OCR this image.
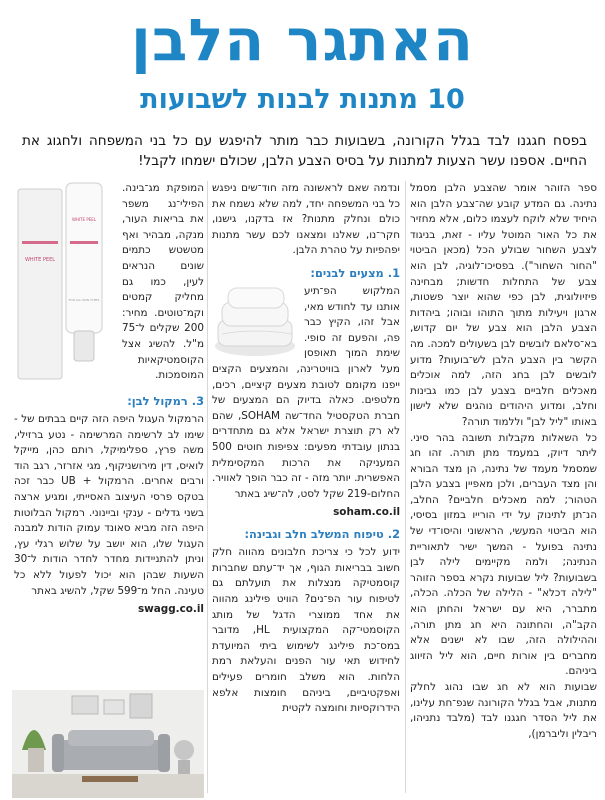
האתגר הלבן
10 מתנות לבנות לשבועות
בפסח חגגנו לבד בגלל הקורונה, בשבועות כבר מותר להיפגש עם כל בני המשפחה ולחגוג את החיים. אספנו עשר הצעות למתנות על בסיס הצבע הלבן, שכולם ישמחו לקבל!

ספר הזוהר אומר שהצבע הלבן מסמל נתינה. גם המדע קובע שה־צבע הלבן הוא היחיד שלא לוקח לעצמו כלום, אלא מחזיר את כל האור המוטל עליו - זאת, בניגוד לצבע השחור שבולע הכל (מכאן הביטוי "החור השחור"). בפסיכו־לוגיה, לבן הוא צבע של התחלות חדשות; מבחינה פיזיולוגית, לבן כפי שהוא יוצר פשטות, ארגון ויעילות מתוך התוהו ובוהו; ביהדות הצבע הלבן הוא צבע של יום קדוש, בא־סלאם לובשים לבן בשעולים למכה. מה הקשר בין הצבע הלבן לש־בועות? מדוע לובשים לבן בחג הזה, למה אוכלים מאכלים חלביים בצבע לבן כמו גבינות וחלב, ומדוע היהודים נוהגים שלא לישון באותו "ליל לבן" וללמוד תורה?

כל השאלות מקבלות תשובה בהר סיני. ליתר דיוק, במעמד מתן תורה. זהו חג שמסמל מעמד של נתינה, הן מצד הבורא והן מצד העברים, ולכן מאפיין בצבע הלבן הטהור; למה מאכלים חלביים? החלב, הנ־תן לתינוק על ידי הורייו במזון בסיסי, הוא הביטוי המעשי, הראשוני והיסו־די של נתינה בפועל - המשך ישיר לתאוריית הנתינה; ולמה מקיימים לילה לבן בשבועות? ליל שבועות נקרא בספר הזוהר "לילה דכלא" - הלילה של הכלה. הכלה, מתברר, היא עם ישראל והחתן הוא הקב"ה, והחתונה היא חג מתן תורה, וההילולה הזה, שבו לא ישנים אלא מחברים בין אורות חיים, הוא ליל הזיווג ביניהם.

שבועות הוא לא חג שבו נהוג לחלק מתנות, אבל בגלל הקורונה שנפ־חת עלינו, את ליל הסדר חגגנו לבד (מלבד נתניהו, ריבלין וליברמן),

ונדמה שאם לראשונה מזה חוד־שים ניפגש כל בני המשפחה יחד, למה שלא נשמח את כולם ונחלק מתנות? אז בדקנו, גישנו, חקר־נו, שאלנו ומצאנו לכם עשר מתנות יפהפיות על טהרת הלבן.

1. מצעים לבנים:

המלקוש הפ־תיע אותנו עד לחודש מאי, אבל זהו, הקיץ כבר פה, והפעם זה סופי. שימת המוך תאופסן מעל לארון בוויטרינה, והמצעים הקצים ייפנו מקומם לטובת מצעים קיציים, רכים, מלטפים. כאלה בדיוק הם המצעים של חברת הטקסטיל החד־שה SOHAM, שהם לא רק תוצרת ישראל אלא גם מתחדרים בנתון עובדתי מפעים: צפיפות חוטים 500 המעניקה את הרכות המקסימלית האפשרית. יותר מזה - זה כבר הופך לאוויר. החלום-219 שקל לסט, לה־שיג באתר

soham.co.il
2. טיפוח המשלב חלב וגבינה:

ידוע לכל כי צריכת חלבונים מהווה חלק חשוב בבריאות הגוף, אך יד־עתם שחברות קוסמטיקה מנצלות את תועלתם גם לטיפוח עור הפ־נים? הוויט פילינג מהווה את אחד ממוצרי הדגל של מותג הקוסמטי־קה המקצועית HL, מדובר במס־כת פילינג לשימוש ביתי המיועדת לחידוש תאי עור הפנים והעלאת רמת הלחות. הוא משלב חומרים פעילים ואפקטיביים, ביניהם חומצות אלפא הידרוקסיות וחומצה לקטית

WHITE PEEL
WHITE PEEL
FOR ALL SKIN TYPES

המופקת מג־בינה. הפילי־נג משפר את בריאות העור, מנקה, מבהיר ואף מטשטש כתמים שונים הנראים לעין, כמו גם מחליק קמטים וקמ־טוטים. מחיר: 200 שקלים ל־75 מ"ל. להשיג אצל הקוסמטיקאיות המוסמכות.

3. רמקול לבן:

הרמקול העגול היפה הזה קיים בבתים של - שימו לב לרשימה המרשימה - נטע ברזילי, משה פרץ, ספלימיקל, רותם כהן, מייקל לואיס, דין מירושניקוף, מגי אזרזר, רגב הוד ורבים אחרים. הרמקול + UB כבר זכה בטקס פרסי העיצוב האסייתי, ומגיע ארצה בשני גדלים - ענקי וביינוני. רמקול הבלוטות היפה הזה מביא סאונד עמוק הודות למבנה העגול שלו, הוא יושב על שלוש רגלי עץ, וניתן להתניידות מחדר לחדר הודות ל־30 השעות שבהן הוא יכול לפעול ללא כל טעינה. החל מ־599 שקל, להשיג באתר

swagg.co.il
